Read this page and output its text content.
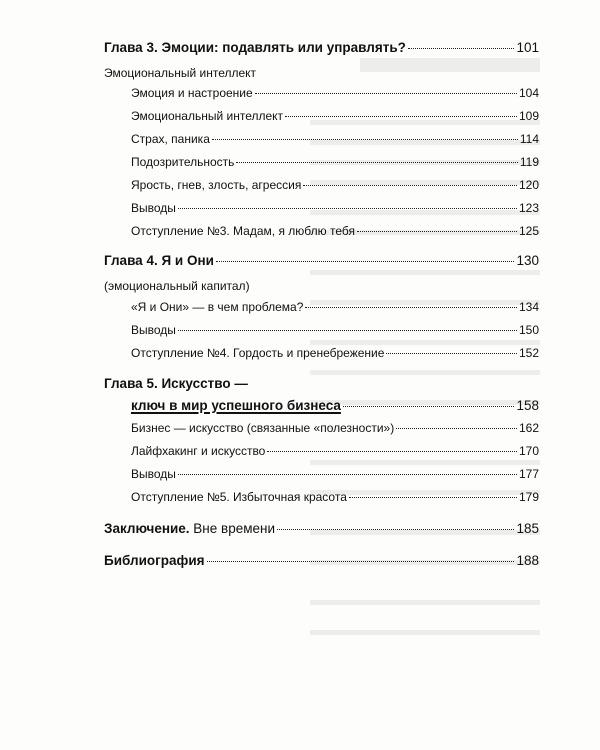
Глава 3. Эмоции: подавлять или управлять?	101
Эмоциональный интеллект
Эмоция и настроение	104
Эмоциональный интеллект	109
Страх, паника	114
Подозрительность	119
Ярость, гнев, злость, агрессия	120
Выводы	123
Отступление №3. Мадам, я люблю тебя	125
Глава 4. Я и Они	130
(эмоциональный капитал)
«Я и Они» — в чем проблема?	134
Выводы	150
Отступление №4. Гордость и пренебрежение	152
Глава 5. Искусство —
ключ в мир успешного бизнеса	158
Бизнес — искусство (связанные «полезности»)	162
Лайфхакинг и искусство	170
Выводы	177
Отступление №5. Избыточная красота	179
Заключение. Вне времени	185
Библиография	188
